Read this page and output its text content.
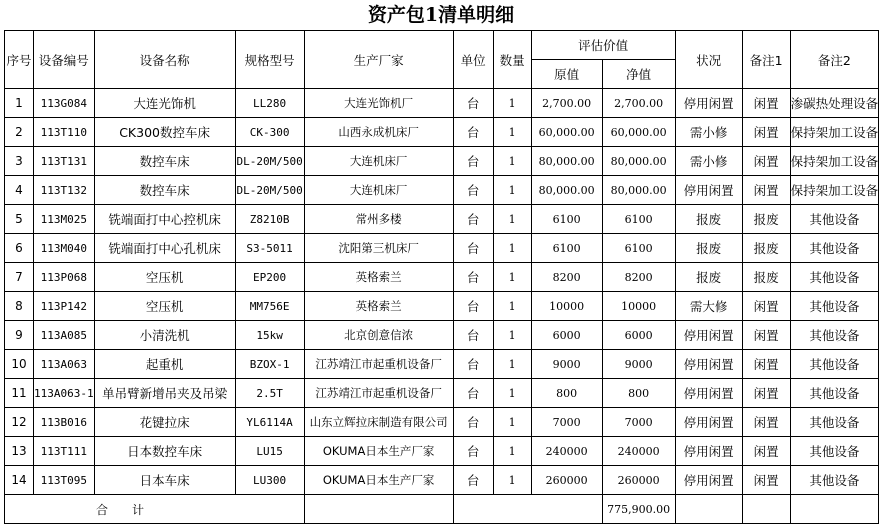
资产包1清单明细
序号	设备编号	设备名称	规格型号	生产厂家	单位	数量	评估价值		状况	备注1	备注2
							原值	净值			
1	113G084	大连光饰机	LL280	大连光饰机厂	台	1	2,700.00	2,700.00	停用闲置	闲置	渗碳热处理设备
2	113T110	CK300数控车床	CK-300	山西永成机床厂	台	1	60,000.00	60,000.00	需小修	闲置	保持架加工设备
3	113T131	数控车床	DL-20M/500	大连机床厂	台	1	80,000.00	80,000.00	需小修	闲置	保持架加工设备
4	113T132	数控车床	DL-20M/500	大连机床厂	台	1	80,000.00	80,000.00	停用闲置	闲置	保持架加工设备
5	113M025	铣端面打中心控机床	Z8210B	常州多楼	台	1	6100	6100	报废	报废	其他设备
6	113M040	铣端面打中心孔机床	S3-5011	沈阳第三机床厂	台	1	6100	6100	报废	报废	其他设备
7	113P068	空压机	EP200	英格索兰	台	1	8200	8200	报废	报废	其他设备
8	113P142	空压机	MM756E	英格索兰	台	1	10000	10000	需大修	闲置	其他设备
9	113A085	小清洗机	15kw	北京创意信浓	台	1	6000	6000	停用闲置	闲置	其他设备
10	113A063	起重机	BZOX-1	江苏靖江市起重机设备厂	台	1	9000	9000	停用闲置	闲置	其他设备
11	113A063-1	单吊臂新增吊夹及吊梁	2.5T	江苏靖江市起重机设备厂	台	1	800	800	停用闲置	闲置	其他设备
12	113B016	花键拉床	YL6114A	山东立辉拉床制造有限公司	台	1	7000	7000	停用闲置	闲置	其他设备
13	113T111	日本数控车床	LU15	OKUMA日本生产厂家	台	1	240000	240000	停用闲置	闲置	其他设备
14	113T095	日本车床	LU300	OKUMA日本生产厂家	台	1	260000	260000	停用闲置	闲置	其他设备
合　　计								775,900.00			
